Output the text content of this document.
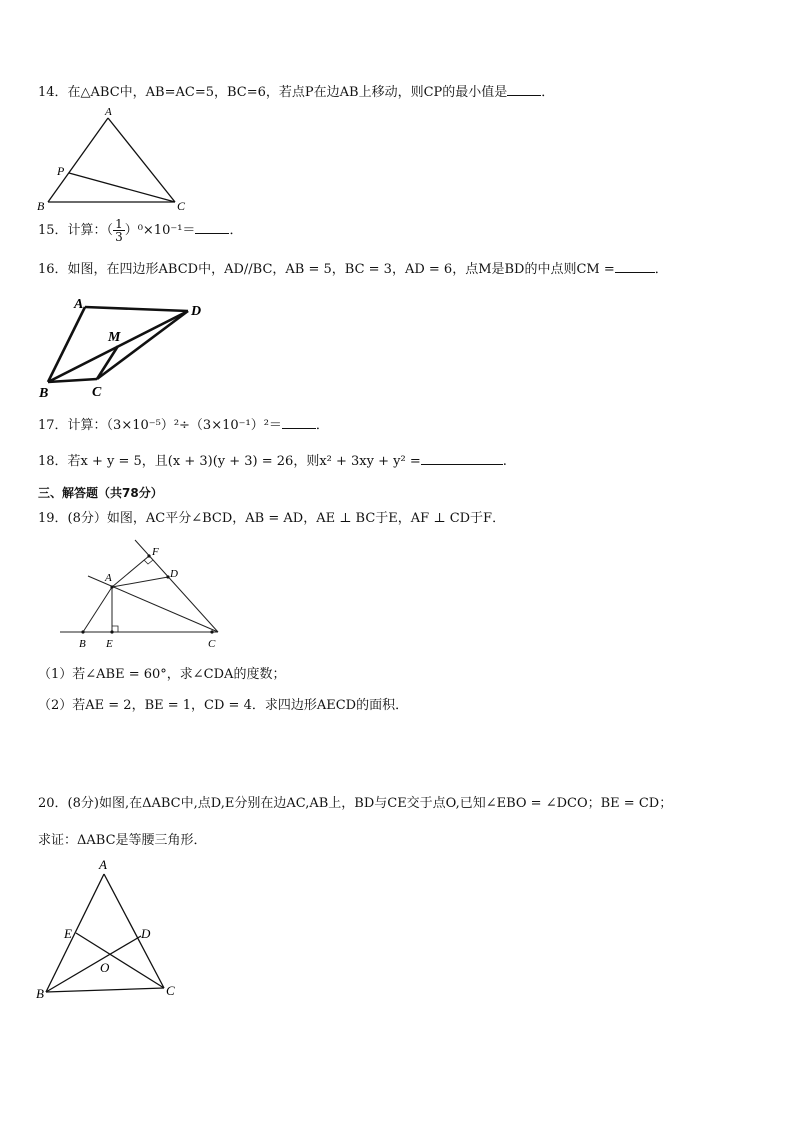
14．在△ABC中，AB=AC=5，BC=6，若点P在边AB上移动，则CP的最小值是	．
A
B	C
P
15．计算：（ $\frac{1}{3} )^0\times 10^{-1}=$	．
16．如图，在四边形ABCD中，AD//BC，AB = 5，BC = 3，AD = 6，点M是BD的中点则CM =	．
A	D
M
B	C
17．计算：（3×10⁻⁵）²÷（3×10⁻¹）²＝	．
18．若x + y = 5，且(x + 3)(y + 3) = 26，则x² + 3xy + y² =	.
三、解答题（共78分）
19．(8分）如图，AC平分∠BCD，AB = AD，AE ⊥ BC于E，AF ⊥ CD于F．
A	D
F
B E	C
（1）若∠ABE = 60°，求∠CDA的度数；
（2）若AE = 2，BE = 1，CD = 4．求四边形AECD的面积．
20．(8分)如图,在ΔABC中,点D,E分别在边AC,AB上，BD与CE交于点O,已知∠EBO = ∠DCO；BE = CD；
求证：ΔABC是等腰三角形．
A
E	D
O
B	C
